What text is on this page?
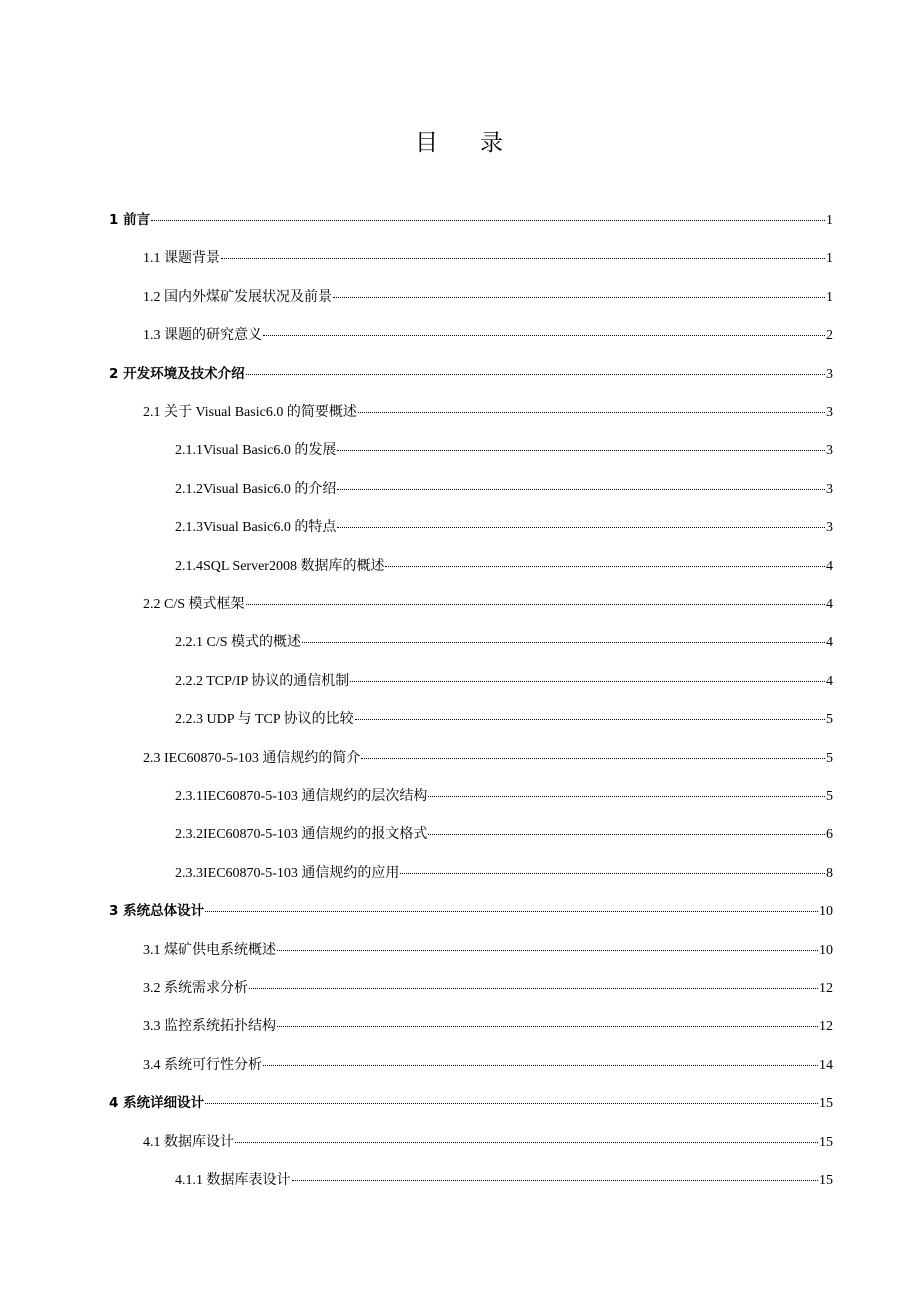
目 录
1 前言	1
1.1 课题背景	1
1.2 国内外煤矿发展状况及前景	1
1.3 课题的研究意义	2
2 开发环境及技术介绍	3
2.1 关于 Visual Basic6.0 的简要概述	3
2.1.1Visual Basic6.0 的发展	3
2.1.2Visual Basic6.0 的介绍	3
2.1.3Visual Basic6.0 的特点	3
2.1.4SQL Server2008 数据库的概述	4
2.2 C/S 模式框架	4
2.2.1 C/S 模式的概述	4
2.2.2 TCP/IP 协议的通信机制	4
2.2.3 UDP 与 TCP 协议的比较	5
2.3 IEC60870-5-103 通信规约的简介	5
2.3.1IEC60870-5-103 通信规约的层次结构	5
2.3.2IEC60870-5-103 通信规约的报文格式	6
2.3.3IEC60870-5-103 通信规约的应用	8
3 系统总体设计	10
3.1 煤矿供电系统概述	10
3.2 系统需求分析	12
3.3 监控系统拓扑结构	12
3.4 系统可行性分析	14
4 系统详细设计	15
4.1 数据库设计	15
4.1.1 数据库表设计	15
